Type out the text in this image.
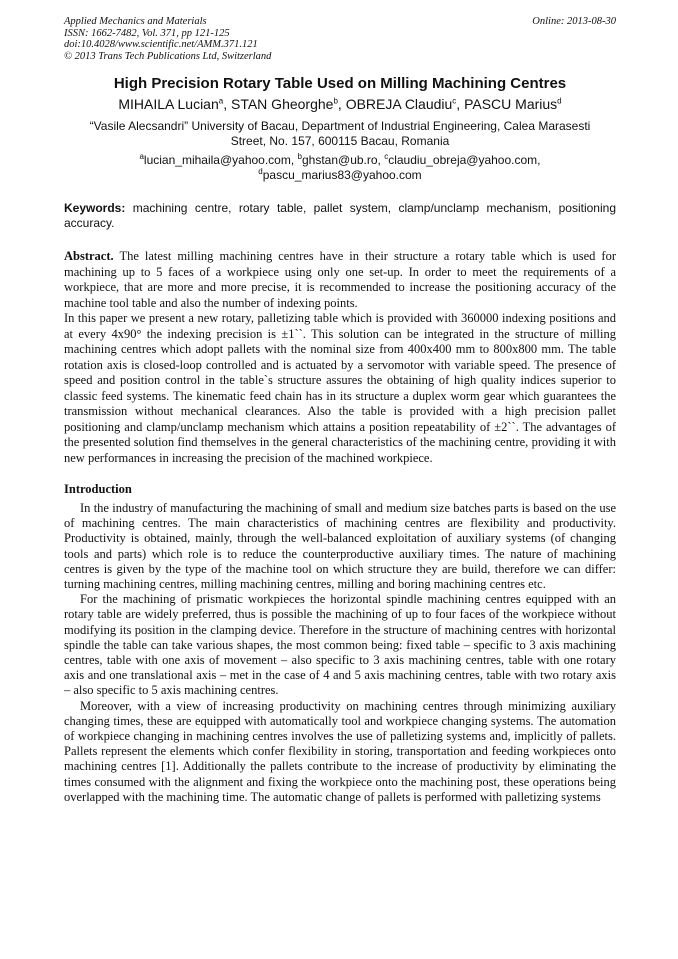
Applied Mechanics and Materials
ISSN: 1662-7482, Vol. 371, pp 121-125
doi:10.4028/www.scientific.net/AMM.371.121
© 2013 Trans Tech Publications Ltd, Switzerland
Online: 2013-08-30
High Precision Rotary Table Used on Milling Machining Centres
MIHAILA Lucian$^a$, STAN Gheorghe$^b$, OBREJA Claudiu$^c$, PASCU Marius$^d$
“Vasile Alecsandri” University of Bacau, Department of Industrial Engineering, Calea Marasesti
Street, No. 157, 600115 Bacau, Romania
$^a$lucian_mihaila@yahoo.com, $^b$ghstan@ub.ro, $^c$claudiu_obreja@yahoo.com,
$^d$pascu_marius83@yahoo.com
Keywords: machining centre, rotary table, pallet system, clamp/unclamp mechanism, positioning accuracy.

Abstract. The latest milling machining centres have in their structure a rotary table which is used for machining up to 5 faces of a workpiece using only one set-up. In order to meet the requirements of a workpiece, that are more and more precise, it is recommended to increase the positioning accuracy of the machine tool table and also the number of indexing points.

In this paper we present a new rotary, palletizing table which is provided with 360000 indexing positions and at every 4x90° the indexing precision is ±1``. This solution can be integrated in the structure of milling machining centres which adopt pallets with the nominal size from 400x400 mm to 800x800 mm. The table rotation axis is closed-loop controlled and is actuated by a servomotor with variable speed. The presence of speed and position control in the table`s structure assures the obtaining of high quality indices superior to classic feed systems. The kinematic feed chain has in its structure a duplex worm gear which guarantees the transmission without mechanical clearances. Also the table is provided with a high precision pallet positioning and clamp/unclamp mechanism which attains a position repeatability of ±2``. The advantages of the presented solution find themselves in the general characteristics of the machining centre, providing it with new performances in increasing the precision of the machined workpiece.

Introduction

In the industry of manufacturing the machining of small and medium size batches parts is based on the use of machining centres. The main characteristics of machining centres are flexibility and productivity. Productivity is obtained, mainly, through the well-balanced exploitation of auxiliary systems (of changing tools and parts) which role is to reduce the counterproductive auxiliary times. The nature of machining centres is given by the type of the machine tool on which structure they are build, therefore we can differ: turning machining centres, milling machining centres, milling and boring machining centres etc.

For the machining of prismatic workpieces the horizontal spindle machining centres equipped with an rotary table are widely preferred, thus is possible the machining of up to four faces of the workpiece without modifying its position in the clamping device. Therefore in the structure of machining centres with horizontal spindle the table can take various shapes, the most common being: fixed table – specific to 3 axis machining centres, table with one axis of movement – also specific to 3 axis machining centres, table with one rotary axis and one translational axis – met in the case of 4 and 5 axis machining centres, table with two rotary axis – also specific to 5 axis machining centres.

Moreover, with a view of increasing productivity on machining centres through minimizing auxiliary changing times, these are equipped with automatically tool and workpiece changing systems. The automation of workpiece changing in machining centres involves the use of palletizing systems and, implicitly of pallets. Pallets represent the elements which confer flexibility in storing, transportation and feeding workpieces onto machining centres [1]. Additionally the pallets contribute to the increase of productivity by eliminating the times consumed with the alignment and fixing the workpiece onto the machining post, these operations being overlapped with the machining time. The automatic change of pallets is performed with palletizing systems
